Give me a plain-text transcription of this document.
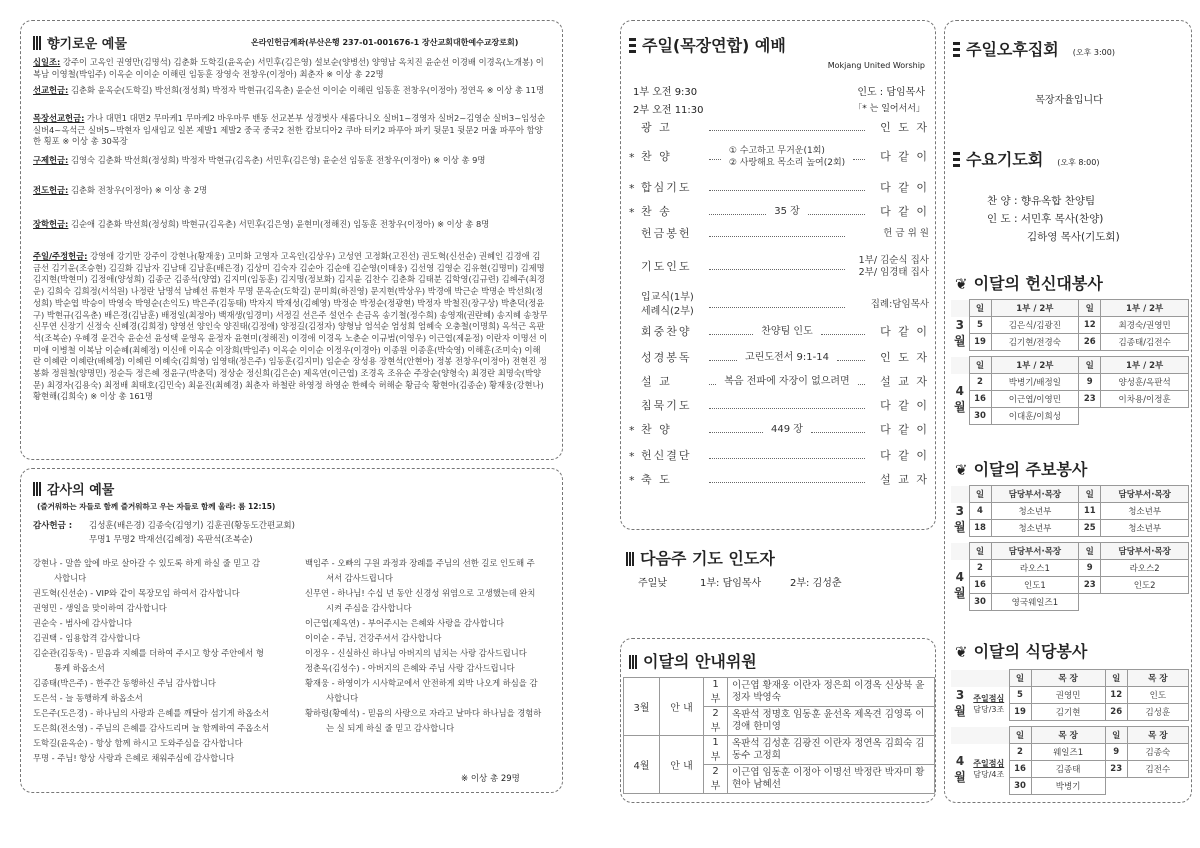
향기로운 예물	온라인헌금계좌(부산은행 237-01-001676-1 장산교회대한예수교장로회)
십일조: 강주이 고옥인 권영만(김명석) 김춘화 도학길(윤옥순) 서민후(김은영) 설보순(양병선) 양영남 옥치진 윤순선 이경배 이경옥(노개봉) 이복남 이영철(박임주) 이옥순 이이순 이해린 임동훈 장영숙 전창우(이정아) 최춘자 ※ 이상 총 22명
선교헌금: 김춘화 윤옥순(도학길) 박선희(정성희) 박정자 박현규(김옥춘) 윤순선 이이순 이해린 임동훈 전창우(이정아) 정연옥 ※ 이상 총 11명
목장선교헌금: 가나 대면1 대면2 무마케1 무마케2 바우마루 밴동 선교본부 성경벗사 새롬다니오 실버1~경영자 실버2~김영순 실버3~임성순 실버4~옥석근 실버5~박현자 임새임교 일본 제발1 제발2 중국 중국2 천한 캄보디아2 쿠바 터키2 파푸아 파키 뒷문1 뒷문2 머울 파푸아 함양 한 횡포 ※ 이상 총 30목장
구제헌금: 김영숙 김춘화 박선희(정성희) 박정자 박현규(김옥춘) 서민후(김은영) 윤순선 임동훈 전창우(이정아) ※ 이상 총 9명
전도헌금: 김춘화 전창우(이정아) ※ 이상 총 2명
장학헌금: 김순애 김춘화 박선희(정성희) 박현규(김옥춘) 서민후(김은영) 윤현미(정해진) 임동훈 전창우(이정아) ※ 이상 총 8명
주일/주정헌금: 강영애 강기만 강주이 강현나(황재웅) 고미화 고영자 고옥인(김상우) 고성연 고정화(고진선) 권도혁(신선순) 권혜인 김경애 김금선 김기윤(조승현) 김길화 김남자 김남태 김남훈(배은경) 김상미 김숙자 김순아 김순애 김순영(이태웅) 김선영 김영순 김유현(김명미) 김제명 김지현(박현미) 김정애(양성희) 김종군 김종석(양엽) 김지미(임동훈) 김지명(정보화) 김지윤 김찬수 김춘화 김태분 김학영(김규련) 김혜주(최경운) 김희숙 김희정(서석원) 나정란 남명석 남혜선 류현자 무명 문옥순(도학길) 문미희(하진영) 문지현(박상우) 박경애 박근순 박명순 박선희(정성희) 박순엽 박승이 박영숙 박영순(손익도) 박은주(김동태) 박자지 박재성(김혜영) 박정순 박정순(정광현) 박정자 박철진(장구상) 박춘덕(정윤구) 박현규(김옥춘) 배은경(김남훈) 배정일(최정아) 백재생(임경미) 서정길 선은주 설언수 손금옥 송기철(정수희) 송영재(권란혜) 송지혜 송창무 신무연 신장기 신정숙 신혜경(김희정) 양영선 양인숙 양진태(김정애) 양정길(김정자) 양형남 엄석순 엄성희 엄혜숙 오충철(이명희) 옥석근 옥판석(조복순) 우혜경 윤건숙 윤순선 윤성택 윤영옥 윤정자 윤현미(정해진) 이경애 이경옥 노춘순 이규범(이영우) 이근엽(제윤정) 이란자 이명선 이미애 이병철 이복남 이순혜(최혜정) 이신애 이옥순 이장희(박임주) 이옥순 이이순 이정우(이경아) 이종원 이종훈(박숙영) 이해훈(조미숙) 이해란 이혜란 이혜란(배혜정) 이혜린 이혜숙(김희영) 임영태(정은주) 임동훈(김지미) 임순순 장성용 장현석(안현아) 정봉 전창우(이정아) 전현진 정봉화 정원철(양명민) 정순득 정은혜 정윤구(박춘덕) 정상순 정신희(김은순) 제옥연(이근엽) 조경옥 조유순 주장순(양형숙) 최경란 최명숙(박양문) 최경자(김용숙) 최정배 최태호(김민숙) 최윤진(최혜경) 최춘자 하철란 하영정 하영순 한혜숙 허해순 황금숙 황현아(김종순) 황재웅(강현나) 황현해(김희숙) ※ 이상 총 161명
감사의 예물
(즐거워하는 자들로 함께 즐거워하고 우는 자들로 함께 울라: 롬 12:15)
감사헌금 : 김성훈(배은경) 김종숙(김영기) 김훈권(황동도간편교회)
무명1 무명2 박재선(김혜정) 옥판석(조복순)
강현나 - 말씀 앞에 바로 살아갈 수 있도록 하게 하실 줄 믿고 감
사합니다
권도혁(신선순) - VIP와 같이 목장모임 하여서 감사합니다
권영민 - 생일을 맞이하여 감사합니다
권순숙 - 범사에 감사합니다
김권택 - 임용합격 감사합니다
김순관(김동욱) - 믿음과 지혜를 더하여 주시고 항상 주안에서 형
통케 하옵소서
김종태(박은주) - 한주간 동행하신 주님 감사합니다
도은석 - 늘 동행하게 하옵소서
도은주(도은경) - 하나님의 사랑과 은혜를 깨달아 섬기게 하옵소서
도은희(전소영) - 주님의 은혜를 감사드리며 늘 함께하여 주옵소서
도학길(윤옥순) - 항상 함께 하시고 도와주심을 감사합니다
무명 - 주님! 항상 사랑과 은혜로 채워주심에 감사합니다
백임주 - 오빠의 구원 과정과 장례를 주님의 선한 길로 인도해 주
셔서 감사드립니다
신무연 - 하나님! 수십 년 동안 신경성 위염으로 고생했는데 완치
시켜 주심을 감사합니다
이근엽(제옥연) - 부어주시는 은혜와 사랑을 감사합니다
이이순 - 주님, 건강주셔서 감사합니다
이정우 - 신실하신 하나님 아버지의 넘치는 사랑 감사드립니다
정춘옥(김성수) - 아버지의 은혜와 주님 사랑 감사드립니다
황재웅 - 하영이가 시사학교에서 안전하게 외박 나오게 하심을 감
사합니다
황하령(황예석) - 믿음의 사랑으로 자라고 날마다 하나님을 경험하
는 실 되게 하실 줄 믿고 감사합니다
※ 이상 총 29명
주일(목장연합) 예배
Mokjang United Worship
1부 오전 9:30
2부 오전 11:30
인도 : 담임목사
「* 는 일어서서」
광 고	인 도 자
* 찬 양	① 수고하고 무거운(1회)
② 사랑해요 목소리 높여(2회)	다 같 이
* 합심기도	다 같 이
* 찬 송	35 장	다 같 이
헌금봉헌	헌 금 위 원
기도인도	1부/ 김순식 집사
2부/ 임경태 집사
입교식(1부)
세례식(2부)
집례:담임목사
회중찬양	찬양팀 인도	다 같 이
성경봉독	고린도전서 9:1-14	인 도 자
설 교	복음 전파에 자장이 없으려면	설 교 자
침묵기도	다 같 이
* 찬 양	449 장	다 같 이
* 헌신결단	다 같 이
* 축 도	설 교 자
다음주 기도 인도자
주일낮	1부: 담임목사	2부: 김성춘
이달의 안내위원
3월	안 내	1부	이근엽 황재웅 이란자 정은희 이경옥 신상북 윤정자 박영숙
		2부	옥판석 정명호 임동훈 윤선옥 제옥견 김영록 이경애 한미영
4월	안 내	1부	옥판석 김성훈 김광진 이란자 정연옥 김희숙 김동수 고정희
		2부	이근엽 임동훈 이정아 이명선 박정란 박자미 황현아 남혜선
주일오후집회 (오후 3:00)
목장자율입니다
수요기도회 (오후 8:00)
찬 양 : 향유옥합 찬양팀
인 도 : 서민후 목사(찬양)
김하영 목사(기도회)
❦ 이달의 헌신대봉사
	일	1부 / 2부	일	1부 / 2부
3월	5	김은식/김광진	12	최경숙/권영민
	19	김기현/전경숙	26	김종태/김전수

	일	1부 / 2부	일	1부 / 2부
4월	2	박병기/배정일	9	양성훈/옥판석
	16	이근엽/이영민	23	이차용/이정훈
	30	이대훈/이희성		

❦ 이달의 주보봉사
	일	담당부서·목장	일	담당부서·목장
3월	4	청소년부	11	청소년부
	18	청소년부	25	청소년부

	일	담당부서·목장	일	담당부서·목장
4월	2	라오스1	9	라오스2
	16	인도1	23	인도2
	30	영국웨일즈1		

❦ 이달의 식당봉사
		일	목 장	일	목 장
3월	주일점심
담당/3조	5	권영민	12	인도
		19	김기현	26	김성훈

		일	목 장	일	목 장
4월	주일점심
담당/4조	2	웨일즈1	9	김종숙
		16	김종태	23	김전수
		30	박병기		
